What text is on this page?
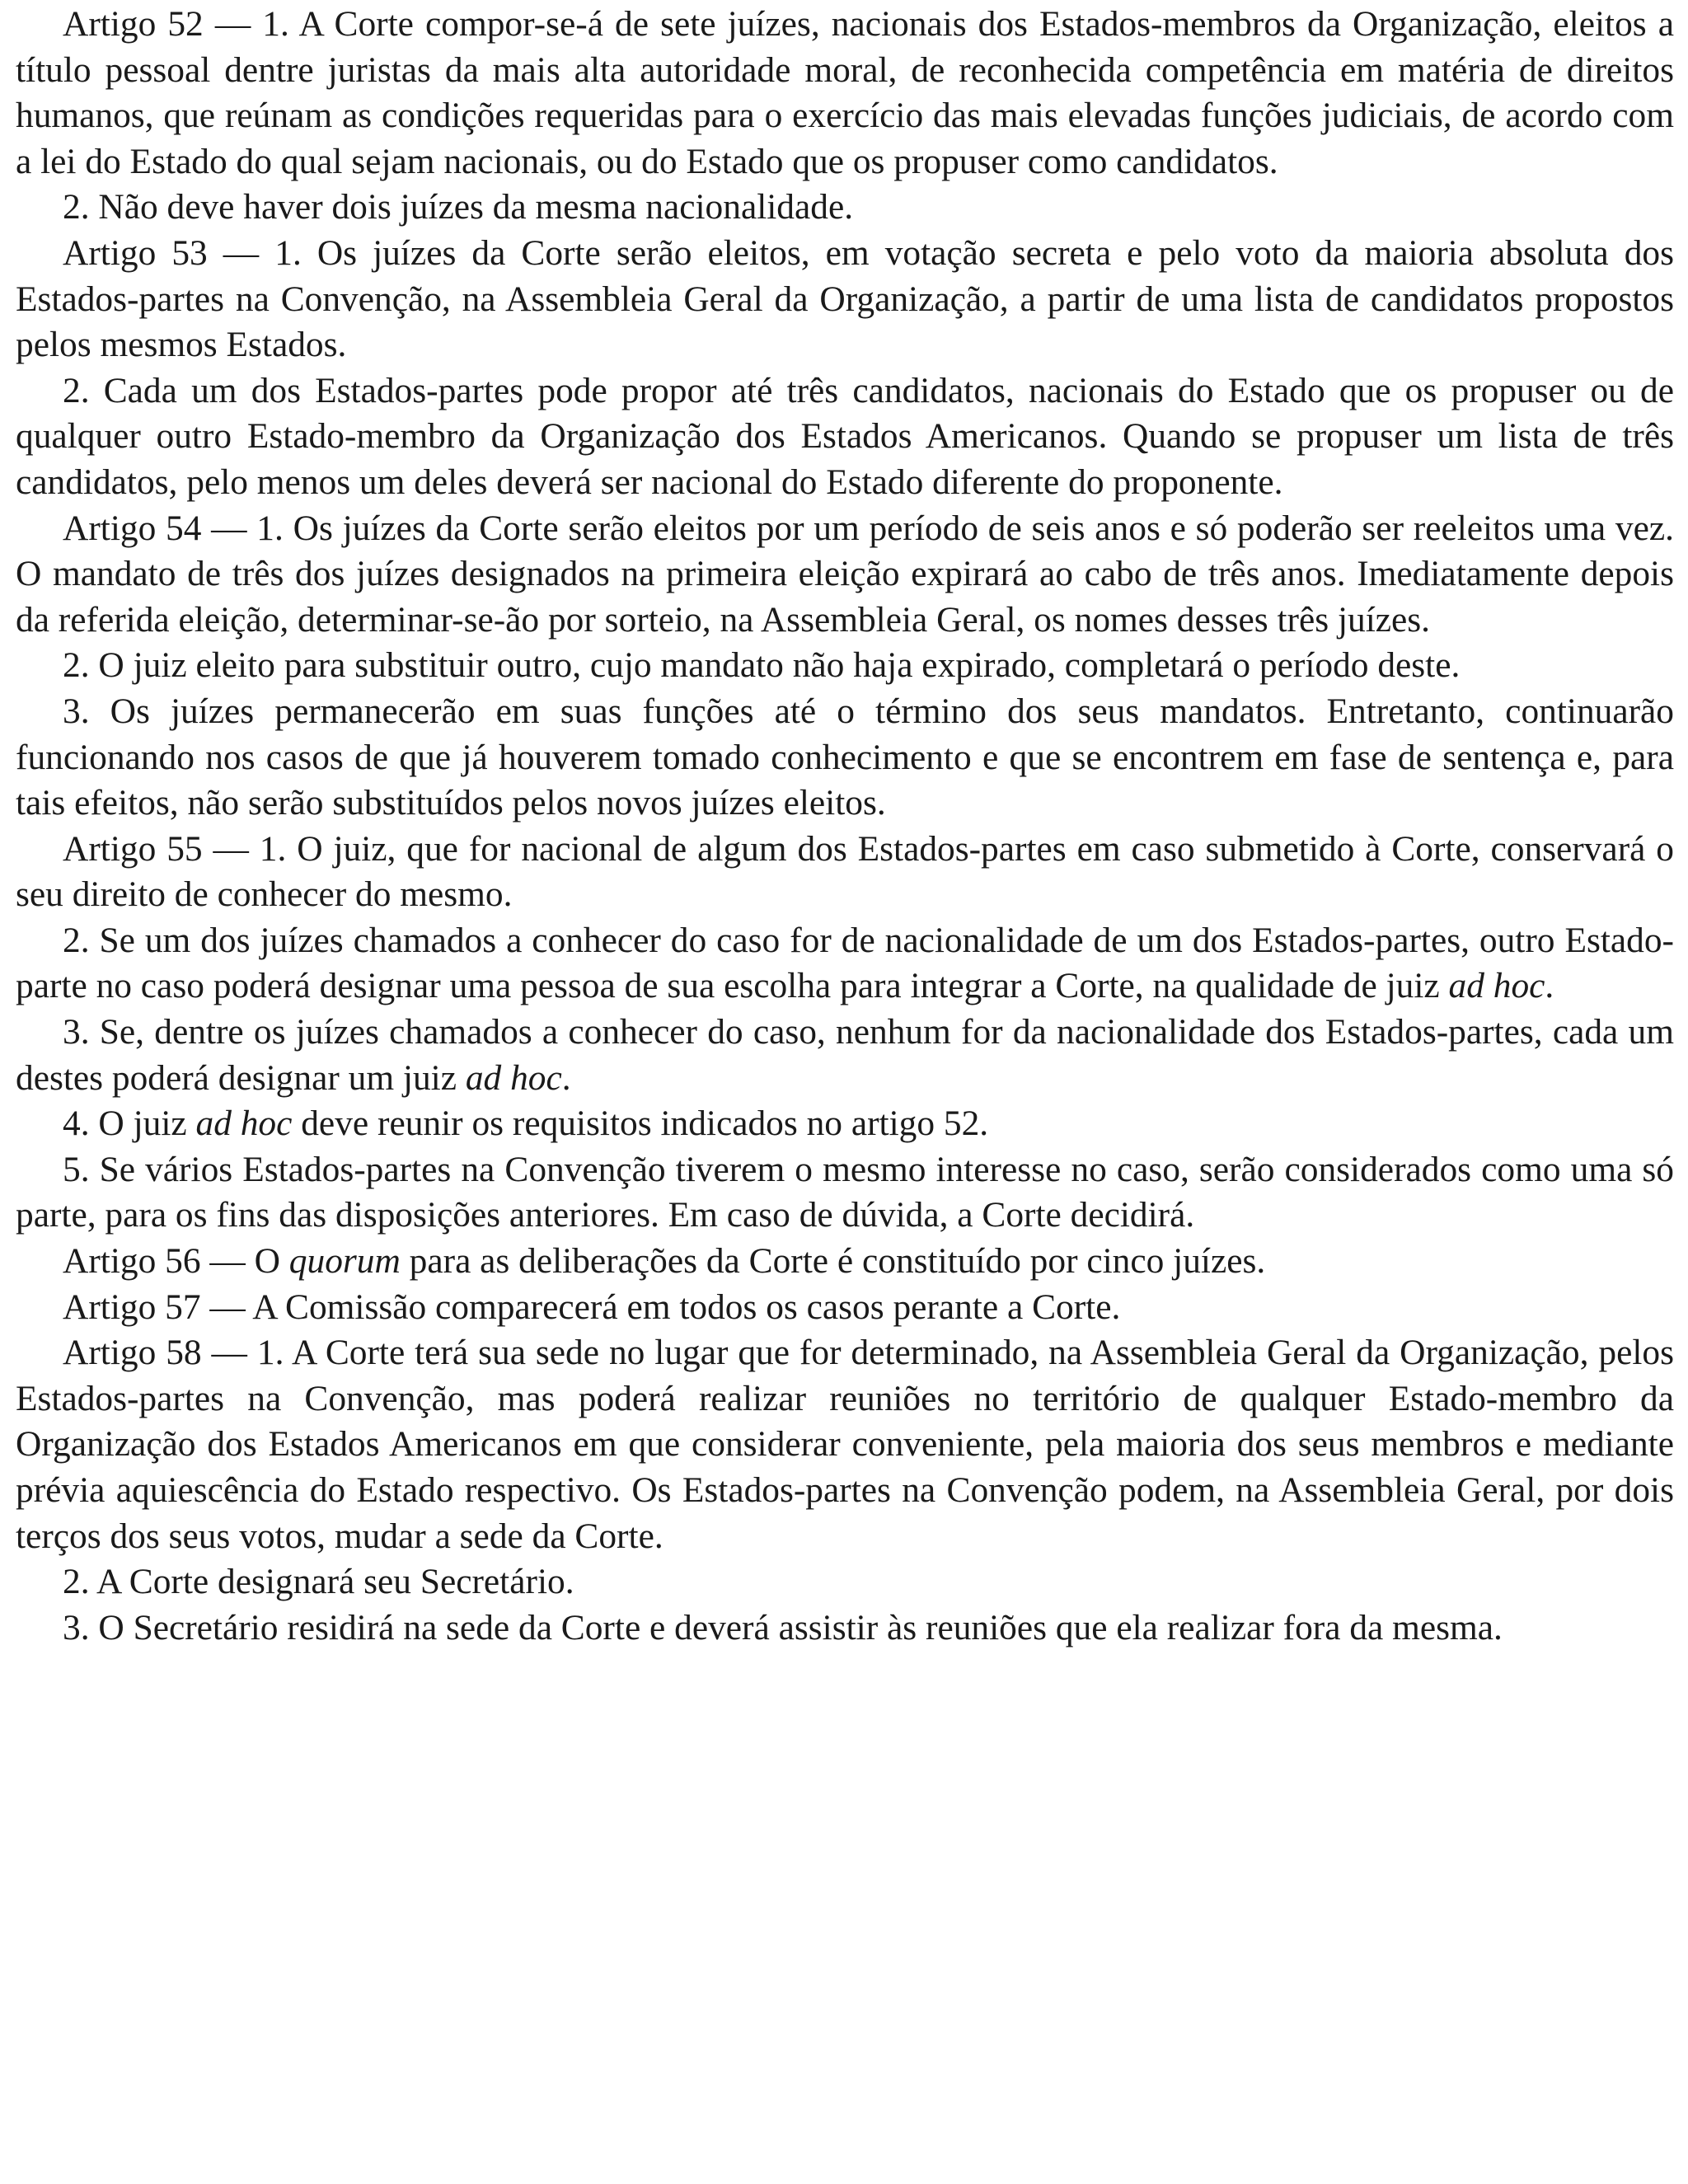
Artigo 52 — 1. A Corte compor-se-á de sete juízes, nacionais dos Estados-membros da Organização, eleitos a título pessoal dentre juristas da mais alta autoridade moral, de reconhecida competência em matéria de direitos humanos, que reúnam as condições requeridas para o exercício das mais elevadas funções judiciais, de acordo com a lei do Estado do qual sejam nacionais, ou do Estado que os propuser como candidatos.

2. Não deve haver dois juízes da mesma nacionalidade.

Artigo 53 — 1. Os juízes da Corte serão eleitos, em votação secreta e pelo voto da maioria absoluta dos Estados-partes na Convenção, na Assembleia Geral da Organização, a partir de uma lista de candidatos propostos pelos mesmos Estados.

2. Cada um dos Estados-partes pode propor até três candidatos, nacionais do Estado que os propuser ou de qualquer outro Estado-membro da Organização dos Estados Americanos. Quando se propuser um lista de três candidatos, pelo menos um deles deverá ser nacional do Estado diferente do proponente.

Artigo 54 — 1. Os juízes da Corte serão eleitos por um período de seis anos e só poderão ser reeleitos uma vez. O mandato de três dos juízes designados na primeira eleição expirará ao cabo de três anos. Imediatamente depois da referida eleição, determinar-se-ão por sorteio, na Assembleia Geral, os nomes desses três juízes.

2. O juiz eleito para substituir outro, cujo mandato não haja expirado, completará o período deste.

3. Os juízes permanecerão em suas funções até o término dos seus mandatos. Entretanto, continuarão funcionando nos casos de que já houverem tomado conhecimento e que se encontrem em fase de sentença e, para tais efeitos, não serão substituídos pelos novos juízes eleitos.

Artigo 55 — 1. O juiz, que for nacional de algum dos Estados-partes em caso submetido à Corte, conservará o seu direito de conhecer do mesmo.

2. Se um dos juízes chamados a conhecer do caso for de nacionalidade de um dos Estados-partes, outro Estado-parte no caso poderá designar uma pessoa de sua escolha para integrar a Corte, na qualidade de juiz ad hoc.

3. Se, dentre os juízes chamados a conhecer do caso, nenhum for da nacionalidade dos Estados-partes, cada um destes poderá designar um juiz ad hoc.

4. O juiz ad hoc deve reunir os requisitos indicados no artigo 52.

5. Se vários Estados-partes na Convenção tiverem o mesmo interesse no caso, serão considerados como uma só parte, para os fins das disposições anteriores. Em caso de dúvida, a Corte decidirá.

Artigo 56 — O quorum para as deliberações da Corte é constituído por cinco juízes.

Artigo 57 — A Comissão comparecerá em todos os casos perante a Corte.

Artigo 58 — 1. A Corte terá sua sede no lugar que for determinado, na Assembleia Geral da Organização, pelos Estados-partes na Convenção, mas poderá realizar reuniões no território de qualquer Estado-membro da Organização dos Estados Americanos em que considerar conveniente, pela maioria dos seus membros e mediante prévia aquiescência do Estado respectivo. Os Estados-partes na Convenção podem, na Assembleia Geral, por dois terços dos seus votos, mudar a sede da Corte.

2. A Corte designará seu Secretário.

3. O Secretário residirá na sede da Corte e deverá assistir às reuniões que ela realizar fora da mesma.
